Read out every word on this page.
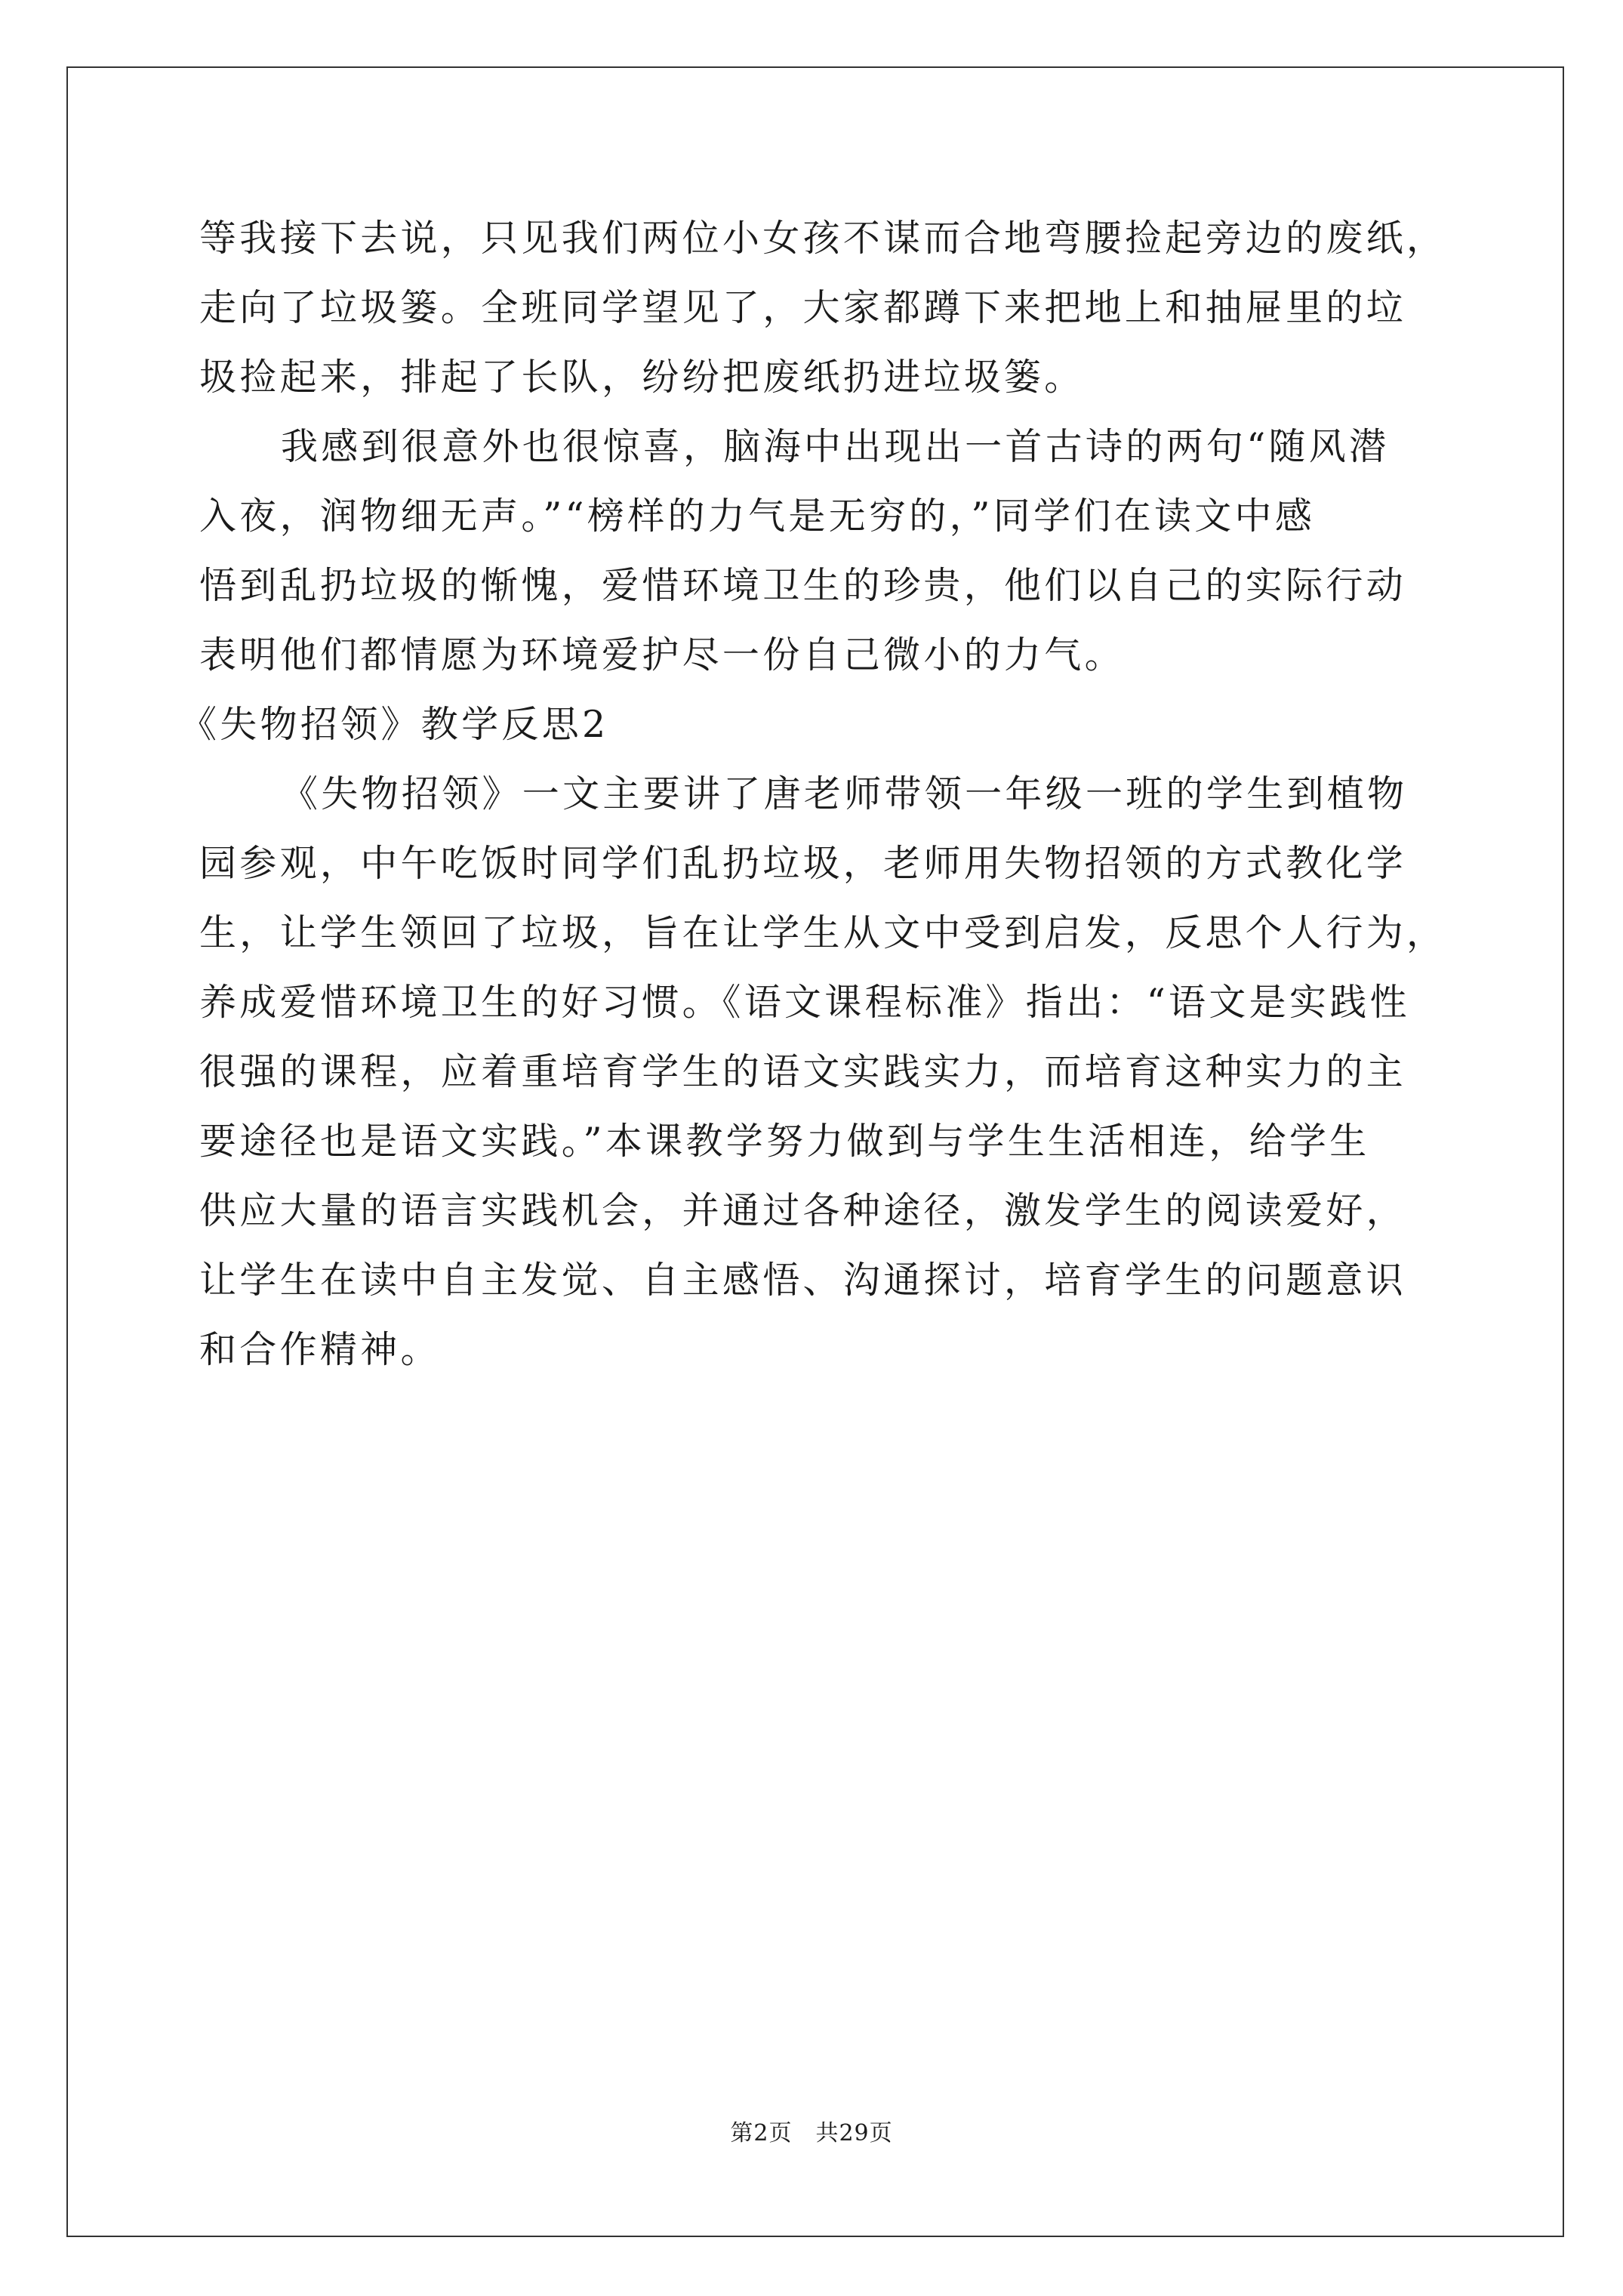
等我接下去说，只见我们两位小女孩不谋而合地弯腰捡起旁边的废纸，
走向了垃圾篓。全班同学望见了，大家都蹲下来把地上和抽屉里的垃
圾捡起来，排起了长队，纷纷把废纸扔进垃圾篓。
我感到很意外也很惊喜，脑海中出现出一首古诗的两句“随风潜
入夜，润物细无声。”“榜样的力气是无穷的，”同学们在读文中感
悟到乱扔垃圾的惭愧，爱惜环境卫生的珍贵，他们以自己的实际行动
表明他们都情愿为环境爱护尽一份自己微小的力气。
《失物招领》教学反思2
《失物招领》一文主要讲了唐老师带领一年级一班的学生到植物
园参观，中午吃饭时同学们乱扔垃圾，老师用失物招领的方式教化学
生，让学生领回了垃圾，旨在让学生从文中受到启发，反思个人行为，
养成爱惜环境卫生的好习惯。《语文课程标准》指出：“语文是实践性
很强的课程，应着重培育学生的语文实践实力，而培育这种实力的主
要途径也是语文实践。”本课教学努力做到与学生生活相连，给学生
供应大量的语言实践机会，并通过各种途径，激发学生的阅读爱好，
让学生在读中自主发觉、自主感悟、沟通探讨，培育学生的问题意识
和合作精神。
第2页　共29页
